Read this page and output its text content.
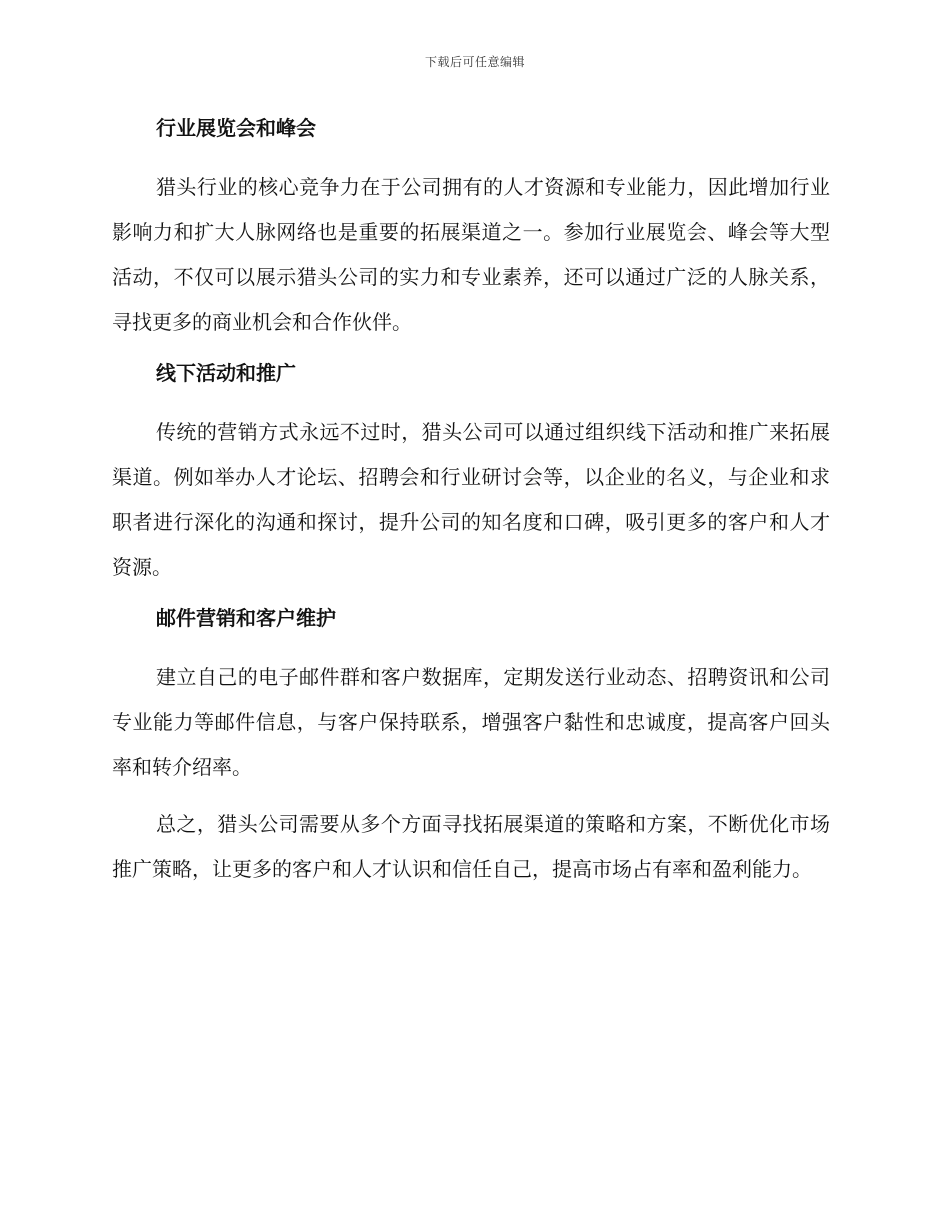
下载后可任意编辑
行业展览会和峰会

猎头行业的核心竞争力在于公司拥有的人才资源和专业能力，因此增加行业影响力和扩大人脉网络也是重要的拓展渠道之一。参加行业展览会、峰会等大型活动，不仅可以展示猎头公司的实力和专业素养，还可以通过广泛的人脉关系，寻找更多的商业机会和合作伙伴。

线下活动和推广

传统的营销方式永远不过时，猎头公司可以通过组织线下活动和推广来拓展渠道。例如举办人才论坛、招聘会和行业研讨会等，以企业的名义，与企业和求职者进行深化的沟通和探讨，提升公司的知名度和口碑，吸引更多的客户和人才资源。

邮件营销和客户维护

建立自己的电子邮件群和客户数据库，定期发送行业动态、招聘资讯和公司专业能力等邮件信息，与客户保持联系，增强客户黏性和忠诚度，提高客户回头率和转介绍率。

总之，猎头公司需要从多个方面寻找拓展渠道的策略和方案，不断优化市场推广策略，让更多的客户和人才认识和信任自己，提高市场占有率和盈利能力。
